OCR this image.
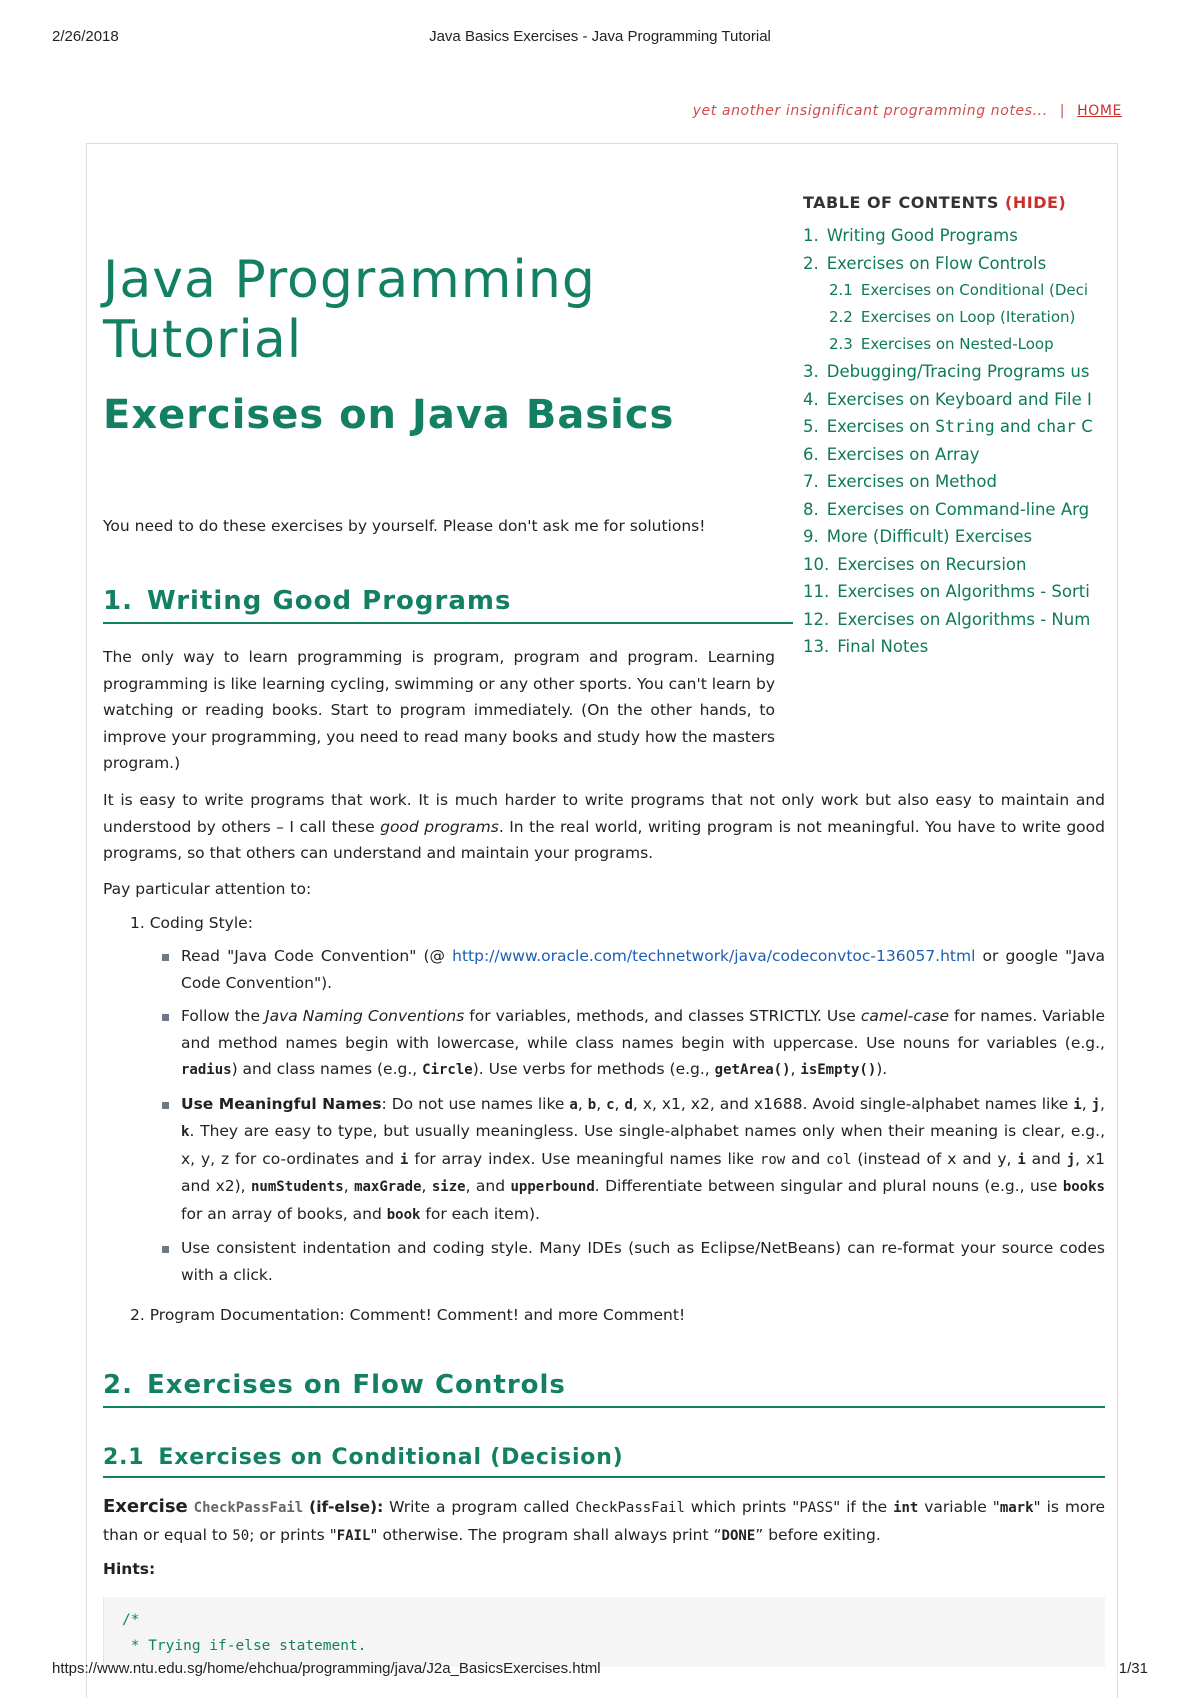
2/26/2018	Java Basics Exercises - Java Programming Tutorial
yet another insignificant programming notes... | HOME
TABLE OF CONTENTS (HIDE)
1. Writing Good Programs
2. Exercises on Flow Controls
2.1 Exercises on Conditional (Deci
2.2 Exercises on Loop (Iteration)
2.3 Exercises on Nested-Loop
3. Debugging/Tracing Programs us
4. Exercises on Keyboard and File I
5. Exercises on String and char C
6. Exercises on Array
7. Exercises on Method
8. Exercises on Command-line Arg
9. More (Difficult) Exercises
10. Exercises on Recursion
11. Exercises on Algorithms - Sorti
12. Exercises on Algorithms - Num
13. Final Notes
Java Programming Tutorial
Exercises on Java Basics

You need to do these exercises by yourself. Please don't ask me for solutions!

1. Writing Good Programs

The only way to learn programming is program, program and program. Learning programming is like learning cycling, swimming or any other sports. You can't learn by watching or reading books. Start to program immediately. (On the other hands, to improve your programming, you need to read many books and study how the masters program.)

It is easy to write programs that work. It is much harder to write programs that not only work but also easy to maintain and understood by others – I call these good programs. In the real world, writing program is not meaningful. You have to write good programs, so that others can understand and maintain your programs.

Pay particular attention to:

1. Coding Style:

Read "Java Code Convention" (@ http://www.oracle.com/technetwork/java/codeconvtoc-136057.html or google "Java Code Convention").
Follow the Java Naming Conventions for variables, methods, and classes STRICTLY. Use camel-case for names. Variable and method names begin with lowercase, while class names begin with uppercase. Use nouns for variables (e.g., radius) and class names (e.g., Circle). Use verbs for methods (e.g., getArea(), isEmpty()).
Use Meaningful Names: Do not use names like a, b, c, d, x, x1, x2, and x1688. Avoid single-alphabet names like i, j, k. They are easy to type, but usually meaningless. Use single-alphabet names only when their meaning is clear, e.g., x, y, z for co-ordinates and i for array index. Use meaningful names like row and col (instead of x and y, i and j, x1 and x2), numStudents, maxGrade, size, and upperbound. Differentiate between singular and plural nouns (e.g., use books for an array of books, and book for each item).
Use consistent indentation and coding style. Many IDEs (such as Eclipse/NetBeans) can re-format your source codes with a click.

2. Program Documentation: Comment! Comment! and more Comment!

2. Exercises on Flow Controls
2.1 Exercises on Conditional (Decision)

Exercise CheckPassFail (if-else): Write a program called CheckPassFail which prints "PASS" if the int variable "mark" is more than or equal to 50; or prints "FAIL" otherwise. The program shall always print “DONE” before exiting.

Hints:

/*
* Trying if-else statement.
https://www.ntu.edu.sg/home/ehchua/programming/java/J2a_BasicsExercises.html	1/31
